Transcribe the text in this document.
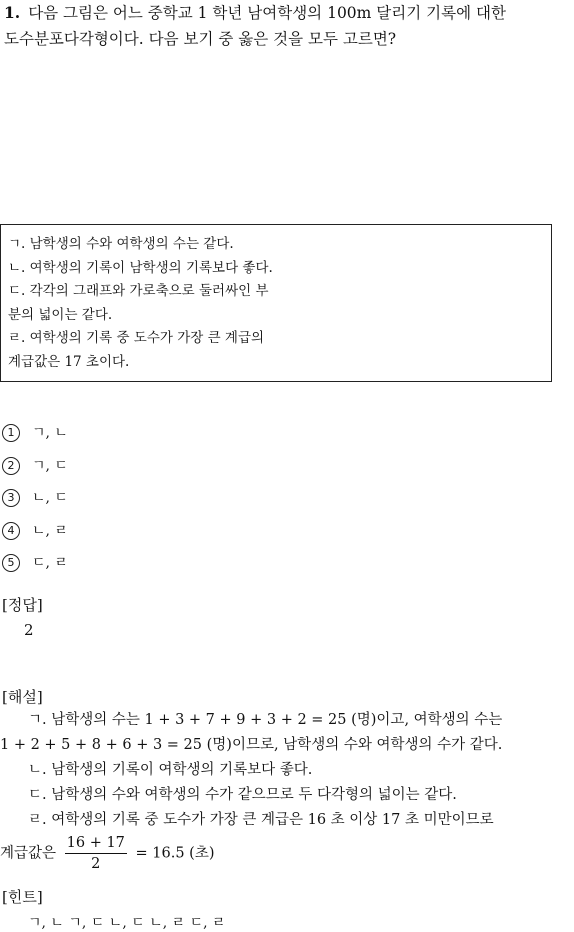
1. 다음 그림은 어느 중학교 1 학년 남여학생의 100m 달리기 기록에 대한
도수분포다각형이다. 다음 보기 중 옳은 것을 모두 고르면?
ㄱ. 남학생의 수와 여학생의 수는 같다.
ㄴ. 여학생의 기록이 남학생의 기록보다 좋다.
ㄷ. 각각의 그래프와 가로축으로 둘러싸인 부
분의 넓이는 같다.
ㄹ. 여학생의 기록 중 도수가 가장 큰 계급의
계급값은 17 초이다.
1	ㄱ, ㄴ
2	ㄱ, ㄷ
3	ㄴ, ㄷ
4	ㄴ, ㄹ
5	ㄷ, ㄹ
[정답]
2
[해설]
ㄱ. 남학생의 수는 1 + 3 + 7 + 9 + 3 + 2 = 25 (명)이고, 여학생의 수는
1 + 2 + 5 + 8 + 6 + 3 = 25 (명)이므로, 남학생의 수와 여학생의 수가 같다.
ㄴ. 남학생의 기록이 여학생의 기록보다 좋다.
ㄷ. 남학생의 수와 여학생의 수가 같으므로 두 다각형의 넓이는 같다.
ㄹ. 여학생의 기록 중 도수가 가장 큰 계급은 16 초 이상 17 초 미만이므로
계급값은 $\frac{16 + 17}{2} = 16.5$ (초)
[힌트]
ㄱ, ㄴ ㄱ, ㄷ ㄴ, ㄷ ㄴ, ㄹ ㄷ, ㄹ
